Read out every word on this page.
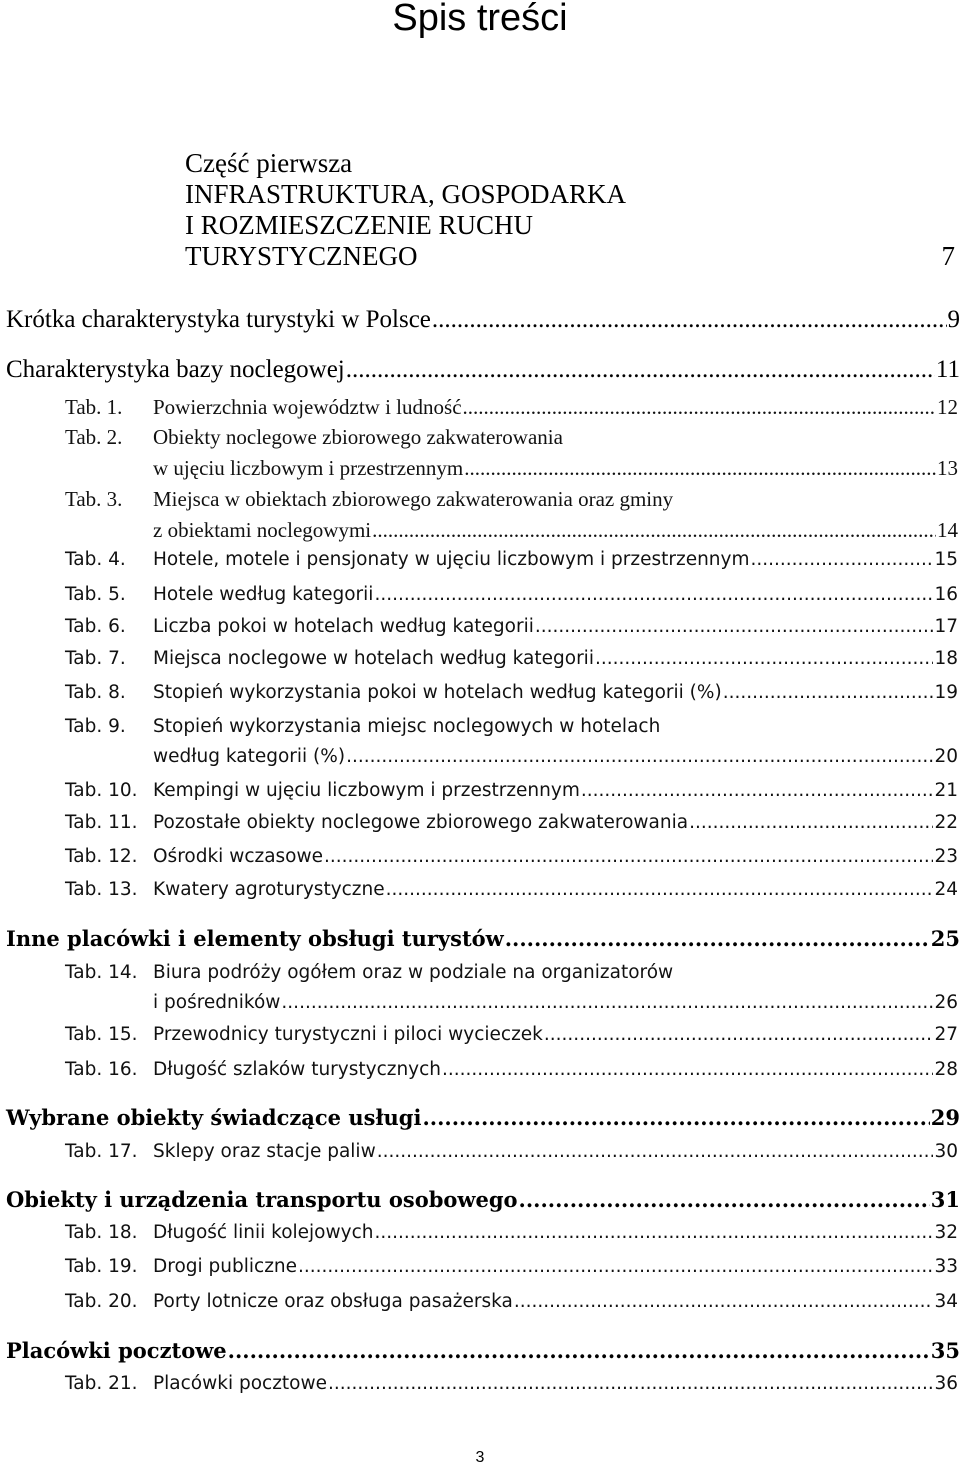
Spis treści
Część pierwsza
INFRASTRUKTURA, GOSPODARKA
I ROZMIESZCZENIE RUCHU
TURYSTYCZNEGO	7
Krótka charakterystyka turystyki w Polsce .....	9
Charakterystyka bazy noclegowej .....	11
Tab. 1. Powierzchnia województw i ludność .....	12
Tab. 2. Obiekty noclegowe zbiorowego zakwaterowania
w ujęciu liczbowym i przestrzennym .....	13
Tab. 3. Miejsca w obiektach zbiorowego zakwaterowania oraz gminy
z obiektami noclegowymi .....	14
Tab. 4. Hotele, motele i pensjonaty w ujęciu liczbowym i przestrzennym .....	15
Tab. 5. Hotele według kategorii .....	16
Tab. 6. Liczba pokoi w hotelach według kategorii .....	17
Tab. 7. Miejsca noclegowe w hotelach według kategorii .....	18
Tab. 8. Stopień wykorzystania pokoi w hotelach według kategorii (%) .....	19
Tab. 9. Stopień wykorzystania miejsc noclegowych w hotelach
według kategorii (%) .....	20
Tab. 10. Kempingi w ujęciu liczbowym i przestrzennym .....	21
Tab. 11. Pozostałe obiekty noclegowe zbiorowego zakwaterowania .....	22
Tab. 12. Ośrodki wczasowe .....	23
Tab. 13. Kwatery agroturystyczne .....	24
Inne placówki i elementy obsługi turystów .....	25
Tab. 14. Biura podróży ogółem oraz w podziale na organizatorów
i pośredników .....	26
Tab. 15. Przewodnicy turystyczni i piloci wycieczek .....	27
Tab. 16. Długość szlaków turystycznych .....	28
Wybrane obiekty świadczące usługi .....	29
Tab. 17. Sklepy oraz stacje paliw .....	30
Obiekty i urządzenia transportu osobowego .....	31
Tab. 18. Długość linii kolejowych .....	32
Tab. 19. Drogi publiczne .....	33
Tab. 20. Porty lotnicze oraz obsługa pasażerska .....	34
Placówki pocztowe .....	35
Tab. 21. Placówki pocztowe .....	36
3
